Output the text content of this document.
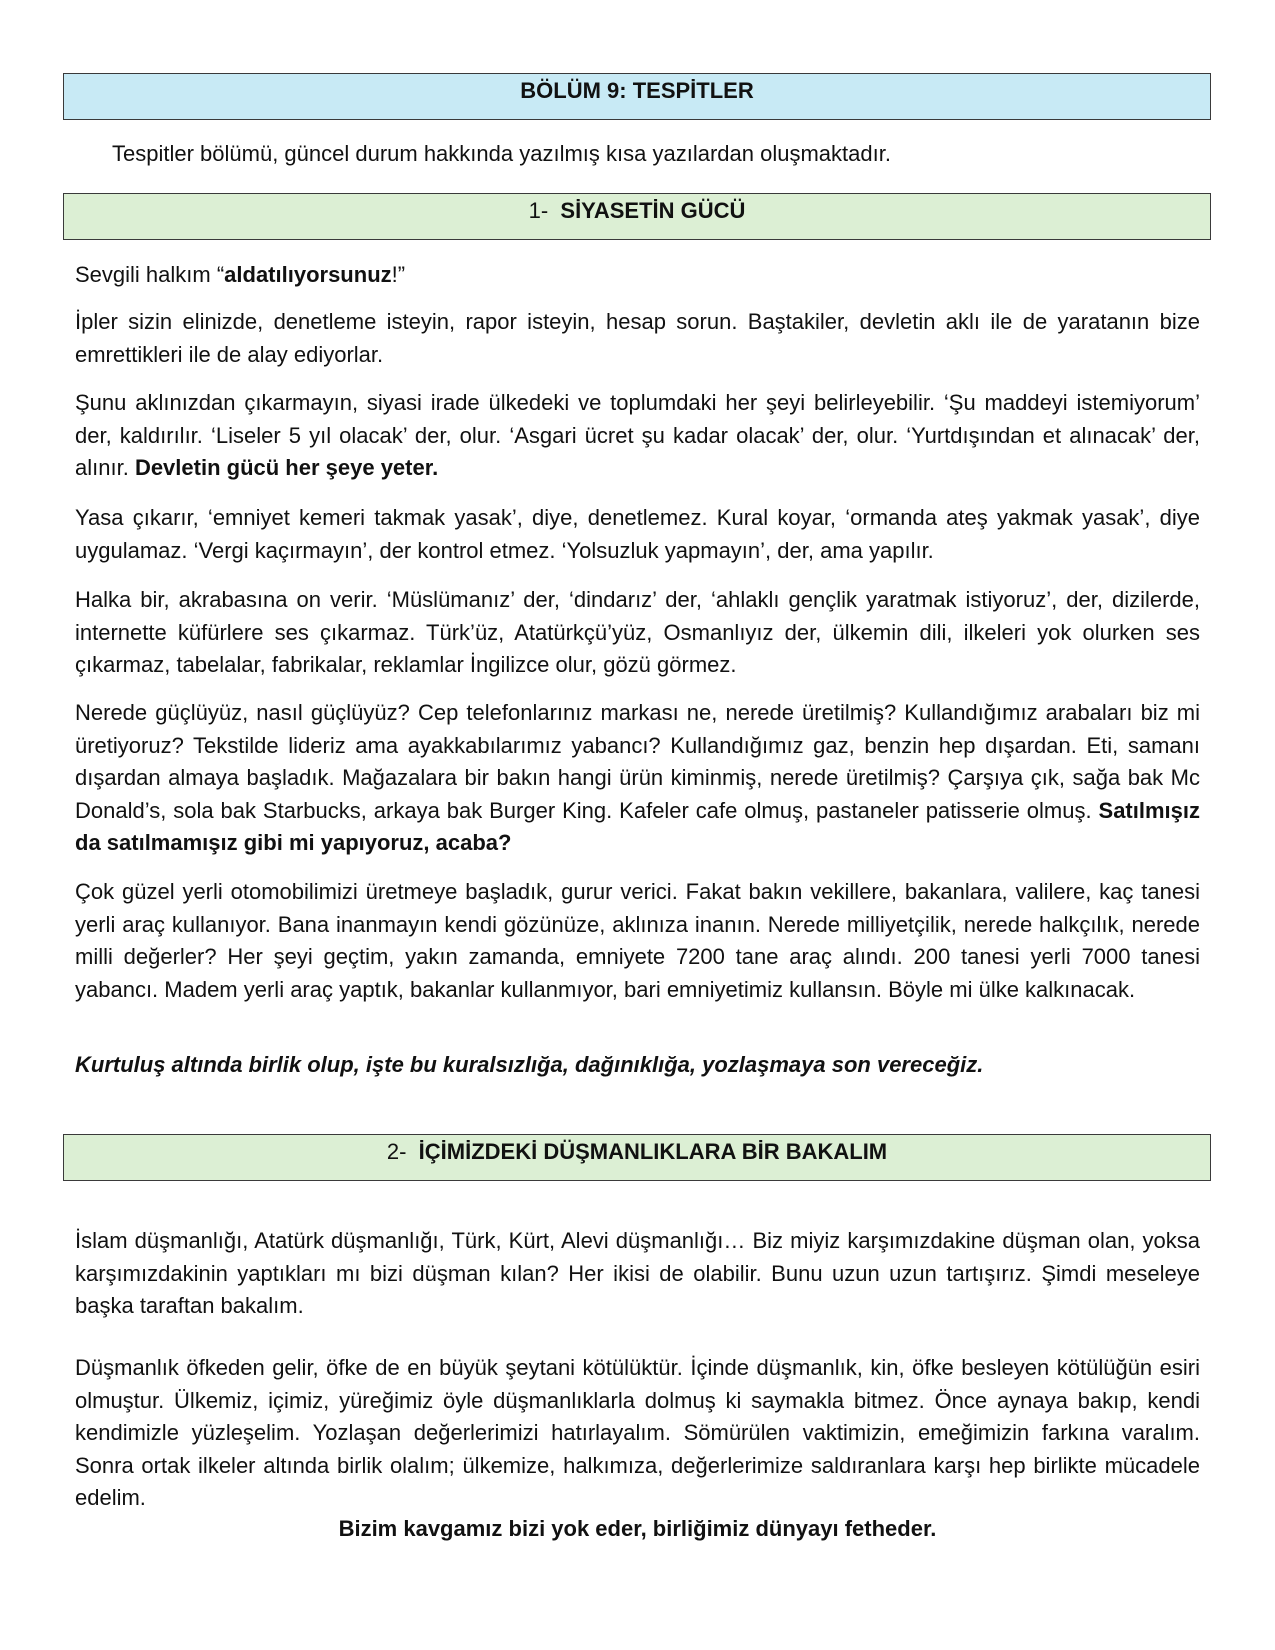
BÖLÜM 9: TESPİTLER

Tespitler bölümü, güncel durum hakkında yazılmış kısa yazılardan oluşmaktadır.

1- SİYASETİN GÜCÜ

Sevgili halkım “aldatılıyorsunuz!”

İpler sizin elinizde, denetleme isteyin, rapor isteyin, hesap sorun. Baştakiler, devletin aklı ile de yaratanın bize emrettikleri ile de alay ediyorlar.

Şunu aklınızdan çıkarmayın, siyasi irade ülkedeki ve toplumdaki her şeyi belirleyebilir. ‘Şu maddeyi istemiyorum’ der, kaldırılır. ‘Liseler 5 yıl olacak’ der, olur. ‘Asgari ücret şu kadar olacak’ der, olur. ‘Yurtdışından et alınacak’ der, alınır. Devletin gücü her şeye yeter.

Yasa çıkarır, ‘emniyet kemeri takmak yasak’, diye, denetlemez. Kural koyar, ‘ormanda ateş yakmak yasak’, diye uygulamaz. ‘Vergi kaçırmayın’, der kontrol etmez. ‘Yolsuzluk yapmayın’, der, ama yapılır.

Halka bir, akrabasına on verir. ‘Müslümanız’ der, ‘dindarız’ der, ‘ahlaklı gençlik yaratmak istiyoruz’, der, dizilerde, internette küfürlere ses çıkarmaz. Türk’üz, Atatürkçü’yüz, Osmanlıyız der, ülkemin dili, ilkeleri yok olurken ses çıkarmaz, tabelalar, fabrikalar, reklamlar İngilizce olur, gözü görmez.

Nerede güçlüyüz, nasıl güçlüyüz? Cep telefonlarınız markası ne, nerede üretilmiş? Kullandığımız arabaları biz mi üretiyoruz? Tekstilde lideriz ama ayakkabılarımız yabancı? Kullandığımız gaz, benzin hep dışardan. Eti, samanı dışardan almaya başladık. Mağazalara bir bakın hangi ürün kiminmiş, nerede üretilmiş? Çarşıya çık, sağa bak Mc Donald’s, sola bak Starbucks, arkaya bak Burger King. Kafeler cafe olmuş, pastaneler patisserie olmuş. Satılmışız da satılmamışız gibi mi yapıyoruz, acaba?

Çok güzel yerli otomobilimizi üretmeye başladık, gurur verici. Fakat bakın vekillere, bakanlara, valilere, kaç tanesi yerli araç kullanıyor. Bana inanmayın kendi gözünüze, aklınıza inanın. Nerede milliyetçilik, nerede halkçılık, nerede milli değerler? Her şeyi geçtim, yakın zamanda, emniyete 7200 tane araç alındı. 200 tanesi yerli 7000 tanesi yabancı. Madem yerli araç yaptık, bakanlar kullanmıyor, bari emniyetimiz kullansın. Böyle mi ülke kalkınacak.

Kurtuluş altında birlik olup, işte bu kuralsızlığa, dağınıklığa, yozlaşmaya son vereceğiz.

2- İÇİMİZDEKİ DÜŞMANLIKLARA BİR BAKALIM

İslam düşmanlığı, Atatürk düşmanlığı, Türk, Kürt, Alevi düşmanlığı… Biz miyiz karşımızdakine düşman olan, yoksa karşımızdakinin yaptıkları mı bizi düşman kılan? Her ikisi de olabilir. Bunu uzun uzun tartışırız. Şimdi meseleye başka taraftan bakalım.

Düşmanlık öfkeden gelir, öfke de en büyük şeytani kötülüktür. İçinde düşmanlık, kin, öfke besleyen kötülüğün esiri olmuştur. Ülkemiz, içimiz, yüreğimiz öyle düşmanlıklarla dolmuş ki saymakla bitmez. Önce aynaya bakıp, kendi kendimizle yüzleşelim. Yozlaşan değerlerimizi hatırlayalım. Sömürülen vaktimizin, emeğimizin farkına varalım. Sonra ortak ilkeler altında birlik olalım; ülkemize, halkımıza, değerlerimize saldıranlara karşı hep birlikte mücadele edelim.

Bizim kavgamız bizi yok eder, birliğimiz dünyayı fetheder.
